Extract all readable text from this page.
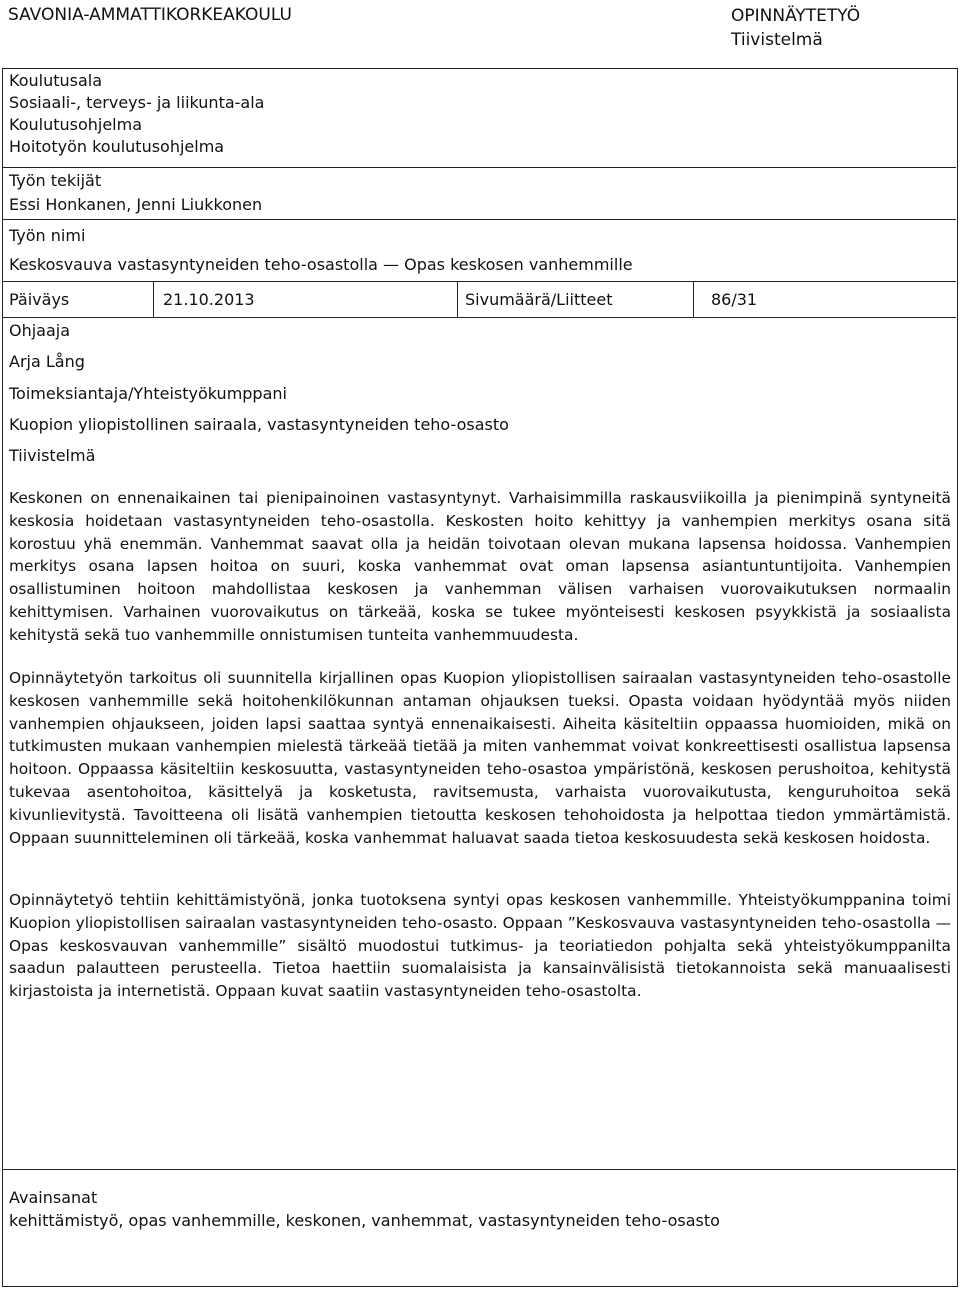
SAVONIA-AMMATTIKORKEAKOULU	OPINNÄYTETYÖ
Tiivistelmä
Koulutusala
Sosiaali-, terveys- ja liikunta-ala
Koulutusohjelma
Hoitotyön koulutusohjelma
Työn tekijät
Essi Honkanen, Jenni Liukkonen
Työn nimi
Keskosvauva vastasyntyneiden teho-osastolla — Opas keskosen vanhemmille
Päiväys	21.10.2013	Sivumäärä/Liitteet	86/31
Ohjaaja
Arja Lång
Toimeksiantaja/Yhteistyökumppani
Kuopion yliopistollinen sairaala, vastasyntyneiden teho-osasto
Tiivistelmä

Keskonen on ennenaikainen tai pienipainoinen vastasyntynyt. Varhaisimmilla raskausviikoilla ja pienimpinä syntyneitä keskosia hoidetaan vastasyntyneiden teho-osastolla. Keskosten hoito kehittyy ja vanhempien merkitys osana sitä korostuu yhä enemmän. Vanhemmat saavat olla ja heidän toivotaan olevan mukana lapsensa hoidossa. Vanhempien merkitys osana lapsen hoitoa on suuri, koska vanhemmat ovat oman lapsensa asiantuntuntijoita. Vanhempien osallistuminen hoitoon mahdollistaa keskosen ja vanhemman välisen varhaisen vuorovaikutuksen normaalin kehittymisen. Varhainen vuorovaikutus on tärkeää, koska se tukee myönteisesti keskosen psyykkistä ja sosiaalista kehitystä sekä tuo vanhemmille onnistumisen tunteita vanhemmuudesta.

Opinnäytetyön tarkoitus oli suunnitella kirjallinen opas Kuopion yliopistollisen sairaalan vastasyntyneiden teho-osastolle keskosen vanhemmille sekä hoitohenkilökunnan antaman ohjauksen tueksi. Opasta voidaan hyödyntää myös niiden vanhempien ohjaukseen, joiden lapsi saattaa syntyä ennenaikaisesti. Aiheita käsiteltiin oppaassa huomioiden, mikä on tutkimusten mukaan vanhempien mielestä tärkeää tietää ja miten vanhemmat voivat konkreettisesti osallistua lapsensa hoitoon. Oppaassa käsiteltiin keskosuutta, vastasyntyneiden teho-osastoa ympäristönä, keskosen perushoitoa, kehitystä tukevaa asentohoitoa, käsittelyä ja kosketusta, ravitsemusta, varhaista vuorovaikutusta, kenguruhoitoa sekä kivunlievitystä. Tavoitteena oli lisätä vanhempien tietoutta keskosen tehohoidosta ja helpottaa tiedon ymmärtämistä. Oppaan suunnitteleminen oli tärkeää, koska vanhemmat haluavat saada tietoa keskosuudesta sekä keskosen hoidosta.

Opinnäytetyö tehtiin kehittämistyönä, jonka tuotoksena syntyi opas keskosen vanhemmille. Yhteistyökumppanina toimi Kuopion yliopistollisen sairaalan vastasyntyneiden teho-osasto. Oppaan ”Keskosvauva vastasyntyneiden teho-osastolla — Opas keskosvauvan vanhemmille” sisältö muodostui tutkimus- ja teoriatiedon pohjalta sekä yhteistyökumppanilta saadun palautteen perusteella. Tietoa haettiin suomalaisista ja kansainvälisistä tietokannoista sekä manuaalisesti kirjastoista ja internetistä. Oppaan kuvat saatiin vastasyntyneiden teho-osastolta.

Avainsanat
kehittämistyö, opas vanhemmille, keskonen, vanhemmat, vastasyntyneiden teho-osasto
